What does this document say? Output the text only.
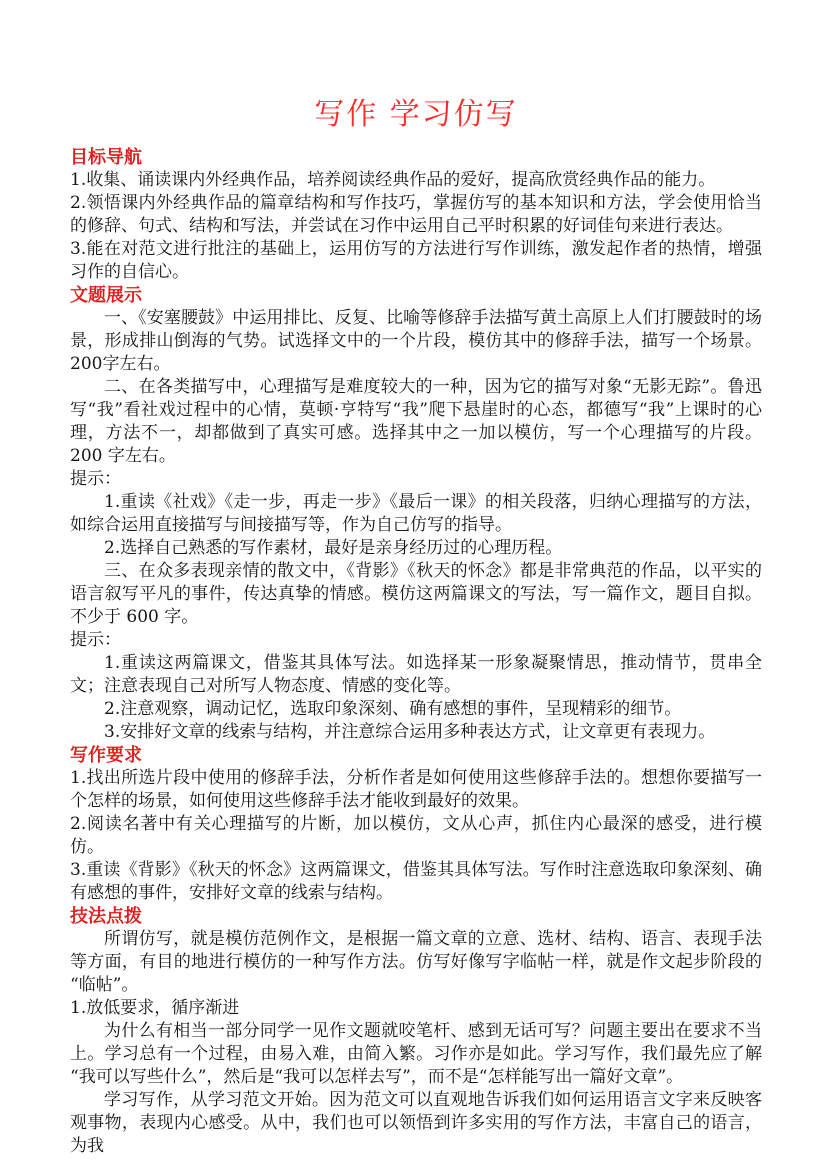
写作 学习仿写
目标导航

1.收集、诵读课内外经典作品，培养阅读经典作品的爱好，提高欣赏经典作品的能力。

2.领悟课内外经典作品的篇章结构和写作技巧，掌握仿写的基本知识和方法，学会使用恰当的修辞、句式、结构和写法，并尝试在习作中运用自己平时积累的好词佳句来进行表达。

3.能在对范文进行批注的基础上，运用仿写的方法进行写作训练，激发起作者的热情，增强习作的自信心。

文题展示

一、《安塞腰鼓》中运用排比、反复、比喻等修辞手法描写黄土高原上人们打腰鼓时的场景，形成排山倒海的气势。试选择文中的一个片段，模仿其中的修辞手法，描写一个场景。200字左右。

二、在各类描写中，心理描写是难度较大的一种，因为它的描写对象“无影无踪”。鲁迅写“我”看社戏过程中的心情，莫顿·亨特写“我”爬下悬崖时的心态，都德写“我”上课时的心理，方法不一，却都做到了真实可感。选择其中之一加以模仿，写一个心理描写的片段。200 字左右。

提示：

1.重读《社戏》《走一步，再走一步》《最后一课》的相关段落，归纳心理描写的方法，如综合运用直接描写与间接描写等，作为自己仿写的指导。

2.选择自己熟悉的写作素材，最好是亲身经历过的心理历程。

三、在众多表现亲情的散文中，《背影》《秋天的怀念》都是非常典范的作品，以平实的语言叙写平凡的事件，传达真挚的情感。模仿这两篇课文的写法，写一篇作文，题目自拟。不少于 600 字。

提示：

1.重读这两篇课文，借鉴其具体写法。如选择某一形象凝聚情思，推动情节，贯串全文；注意表现自己对所写人物态度、情感的变化等。

2.注意观察，调动记忆，选取印象深刻、确有感想的事件，呈现精彩的细节。

3.安排好文章的线索与结构，并注意综合运用多种表达方式，让文章更有表现力。

写作要求

1.找出所选片段中使用的修辞手法，分析作者是如何使用这些修辞手法的。想想你要描写一个怎样的场景，如何使用这些修辞手法才能收到最好的效果。

2.阅读名著中有关心理描写的片断，加以模仿，文从心声，抓住内心最深的感受，进行模仿。

3.重读《背影》《秋天的怀念》这两篇课文，借鉴其具体写法。写作时注意选取印象深刻、确有感想的事件，安排好文章的线索与结构。

技法点拨

所谓仿写，就是模仿范例作文，是根据一篇文章的立意、选材、结构、语言、表现手法等方面，有目的地进行模仿的一种写作方法。仿写好像写字临帖一样，就是作文起步阶段的“临帖”。

1.放低要求，循序渐进

为什么有相当一部分同学一见作文题就咬笔杆、感到无话可写？问题主要出在要求不当上。学习总有一个过程，由易入难，由简入繁。习作亦是如此。学习写作，我们最先应了解“我可以写些什么”，然后是“我可以怎样去写”，而不是“怎样能写出一篇好文章”。

学习写作，从学习范文开始。因为范文可以直观地告诉我们如何运用语言文字来反映客观事物，表现内心感受。从中，我们也可以领悟到许多实用的写作方法，丰富自己的语言，为我
